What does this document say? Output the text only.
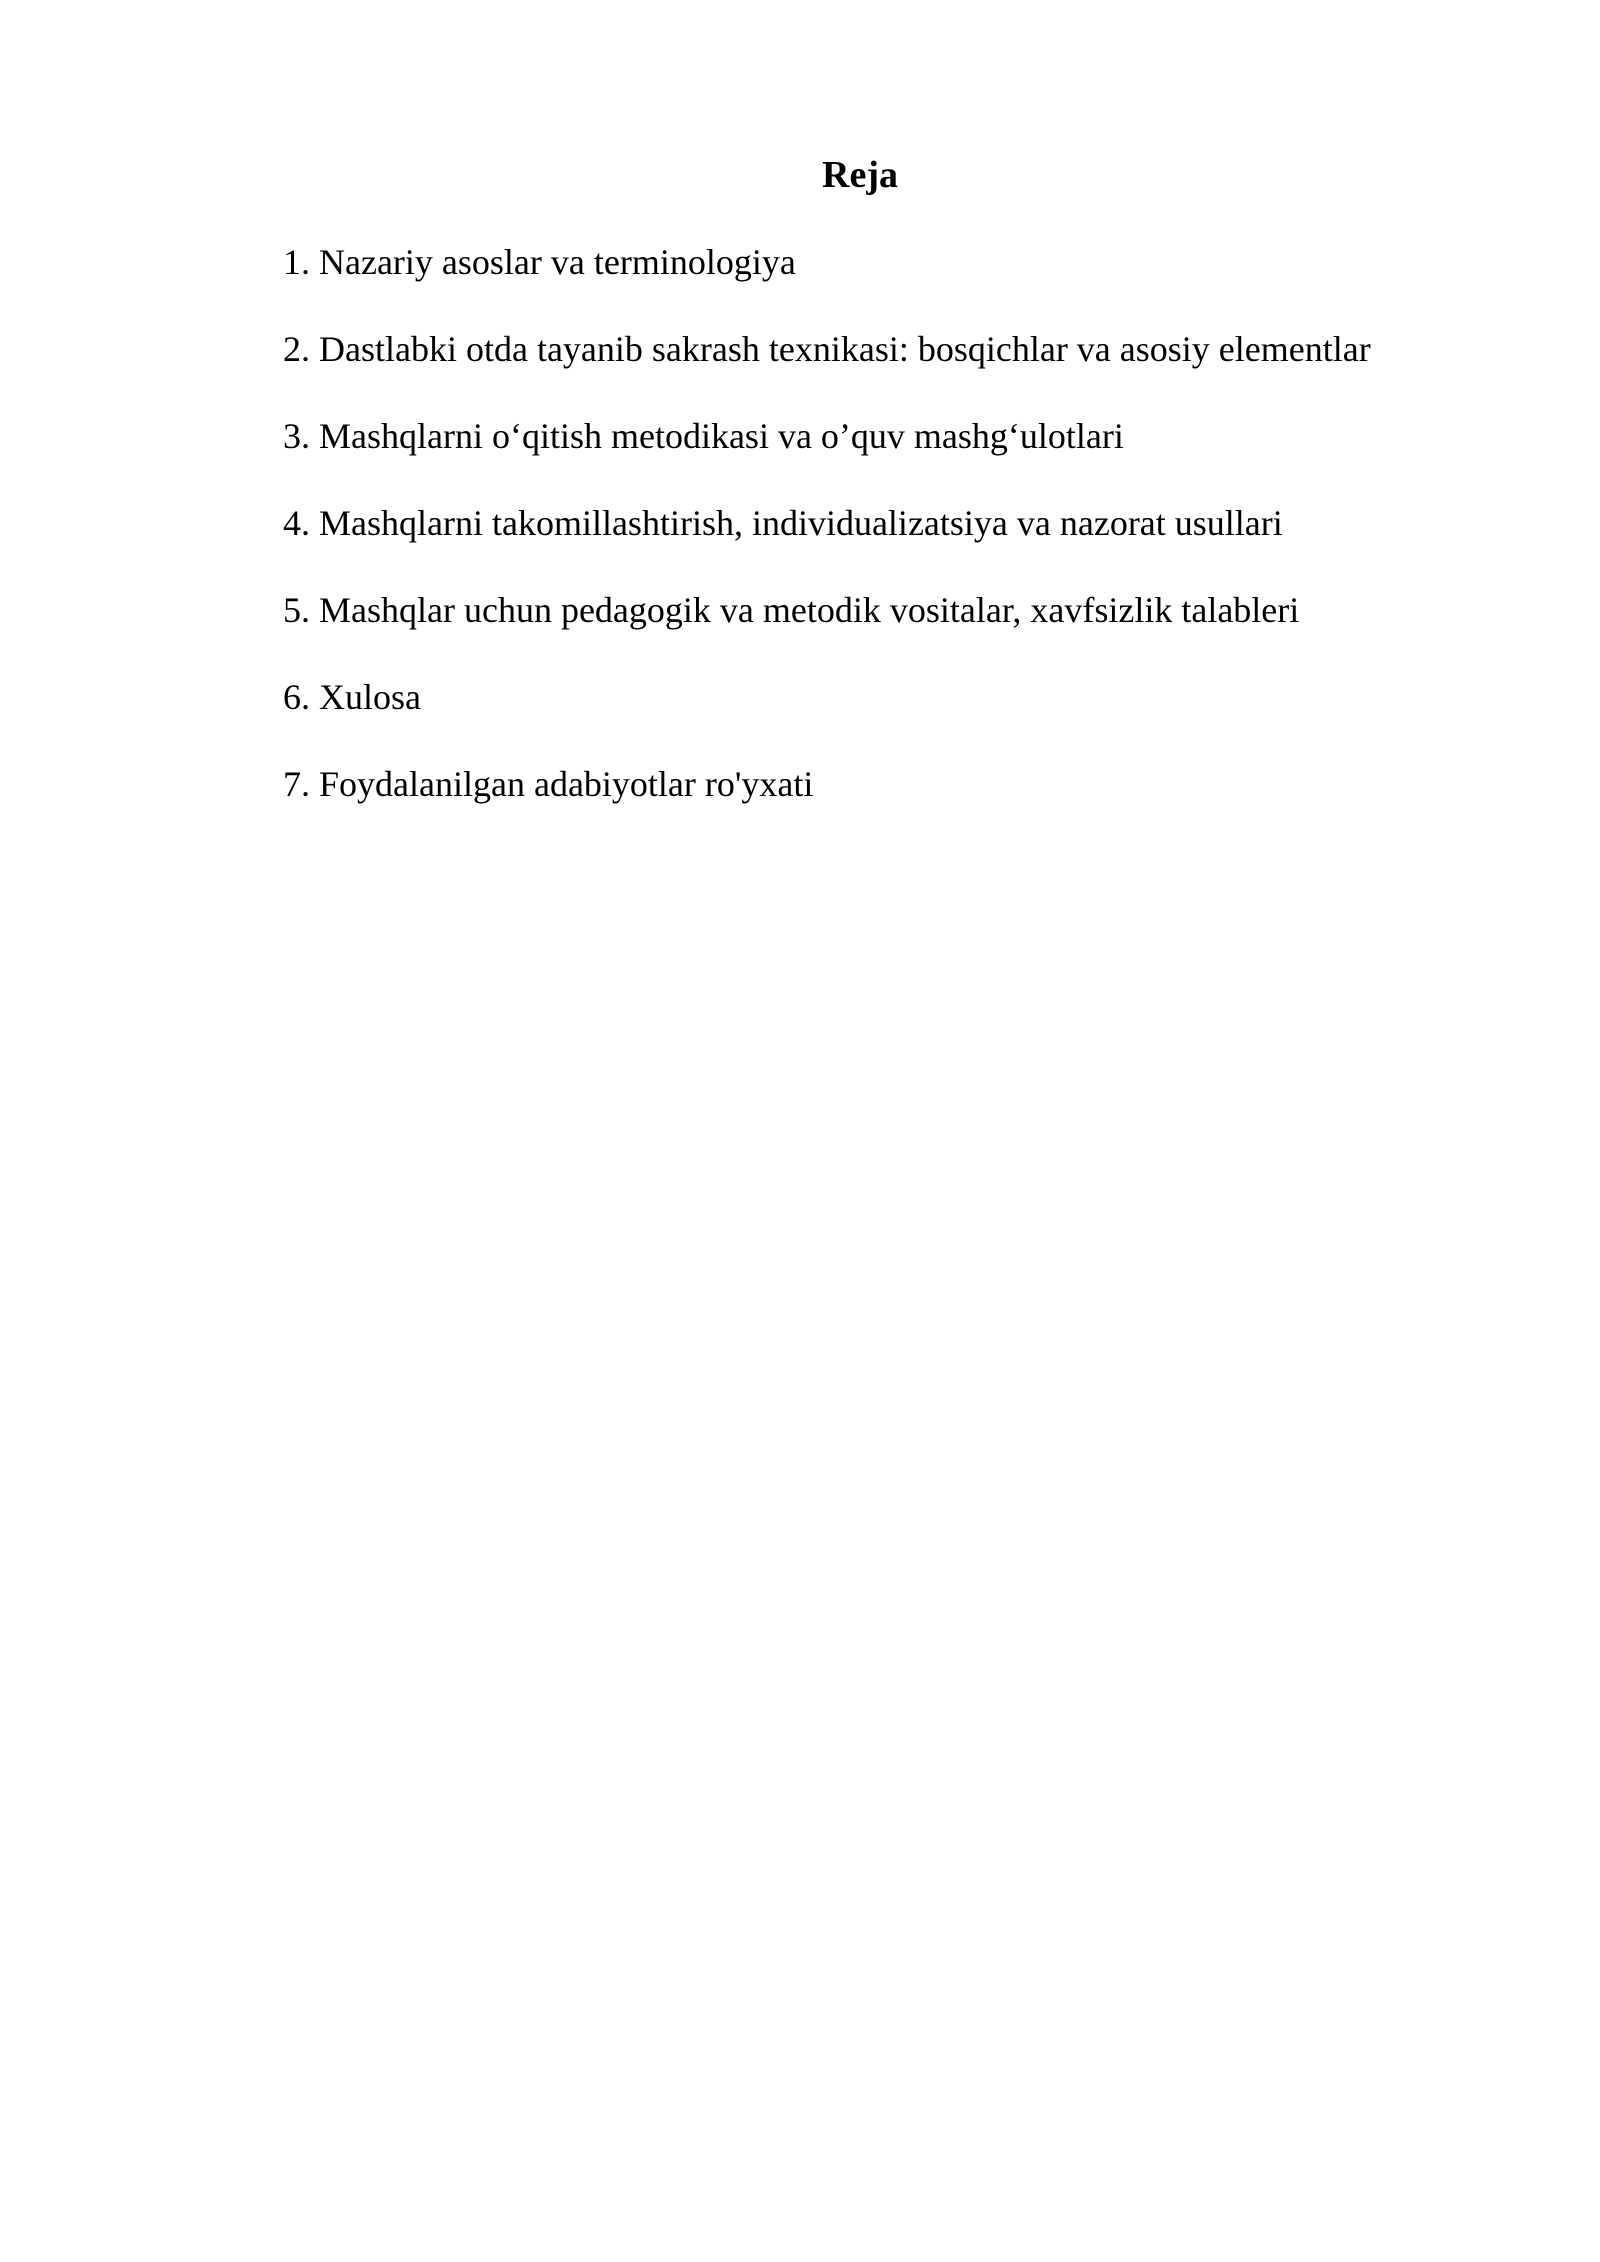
Reja
1. Nazariy asoslar va terminologiya
2. Dastlabki otda tayanib sakrash texnikasi: bosqichlar va asosiy elementlar
3. Mashqlarni o‘qitish metodikasi va o’quv mashg‘ulotlari
4. Mashqlarni takomillashtirish, individualizatsiya va nazorat usullari
5. Mashqlar uchun pedagogik va metodik vositalar, xavfsizlik talableri
6. Xulosa
7. Foydalanilgan adabiyotlar ro'yxati
